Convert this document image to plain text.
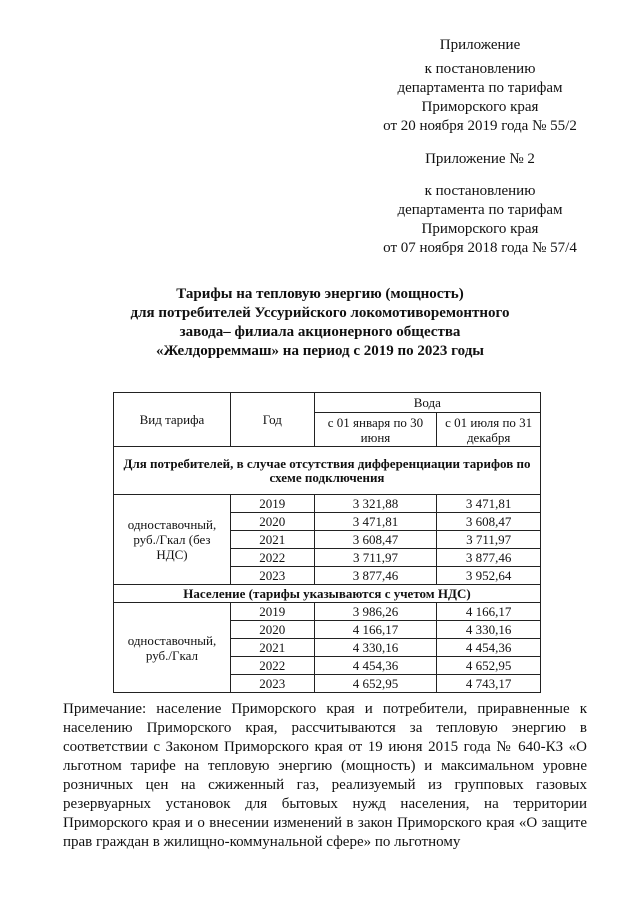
Приложение
к постановлению
департамента по тарифам
Приморского края
от 20 ноября 2019 года № 55/2
Приложение № 2
к постановлению
департамента по тарифам
Приморского края
от 07 ноября 2018 года № 57/4
Тарифы на тепловую энергию (мощность)
для потребителей Уссурийского локомотиворемонтного
завода– филиала акционерного общества
«Желдорреммаш» на период с 2019 по 2023 годы
Вид тарифа	Год	Вода	
		с 01 января по 30 июня	с 01 июля по 31 декабря
Для потребителей, в случае отсутствия дифференциации тарифов по схеме подключения			
одноставочный, руб./Гкал (без НДС)	2019	3 321,88	3 471,81
	2020	3 471,81	3 608,47
	2021	3 608,47	3 711,97
	2022	3 711,97	3 877,46
	2023	3 877,46	3 952,64
Население (тарифы указываются с учетом НДС)			
одноставочный, руб./Гкал	2019	3 986,26	4 166,17
	2020	4 166,17	4 330,16
	2021	4 330,16	4 454,36
	2022	4 454,36	4 652,95
	2023	4 652,95	4 743,17
Примечание: население Приморского края и потребители, приравненные к населению Приморского края, рассчитываются за тепловую энергию в соответствии с Законом Приморского края от 19 июня 2015 года № 640-КЗ «О льготном тарифе на тепловую энергию (мощность) и максимальном уровне розничных цен на сжиженный газ, реализуемый из групповых газовых резервуарных установок для бытовых нужд населения, на территории Приморского края и о внесении изменений в закон Приморского края «О защите прав граждан в жилищно-коммунальной сфере» по льготному
